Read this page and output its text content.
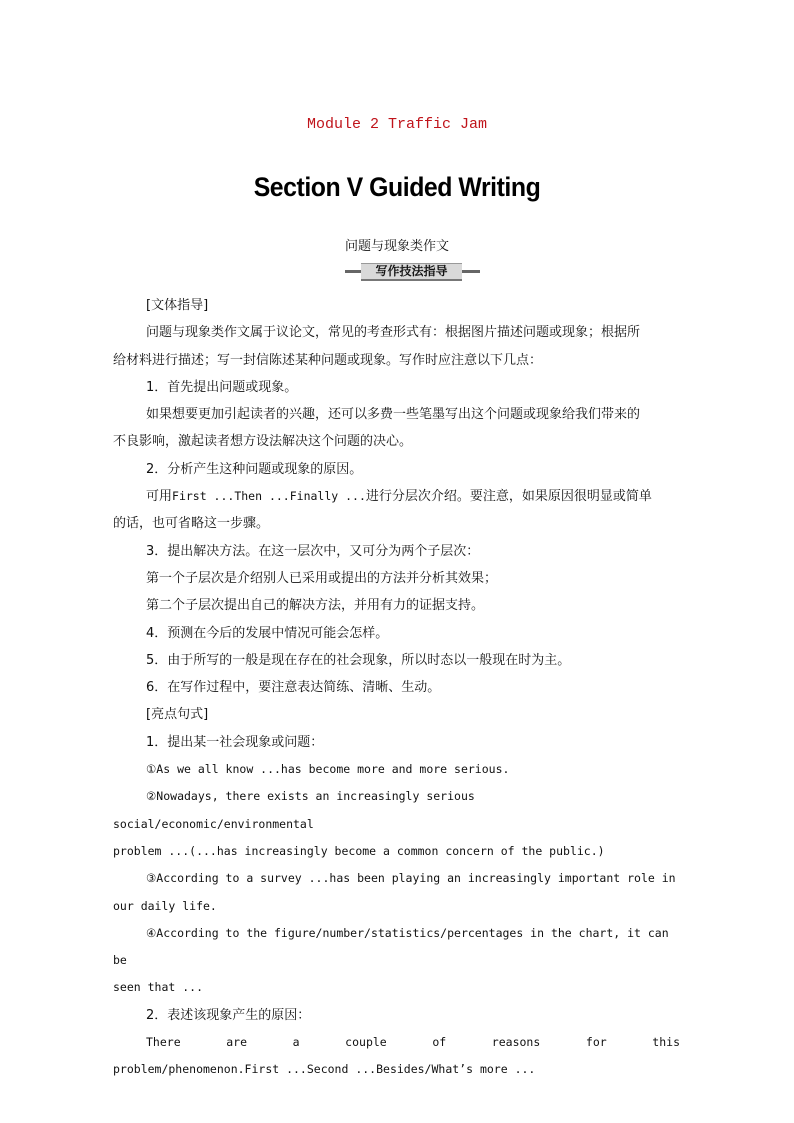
Module 2 Traffic Jam
Section V Guided Writing
问题与现象类作文
写作技法指导

[文体指导]

问题与现象类作文属于议论文，常见的考查形式有：根据图片描述问题或现象；根据所

给材料进行描述；写一封信陈述某种问题或现象。写作时应注意以下几点：

1．首先提出问题或现象。

如果想要更加引起读者的兴趣，还可以多费一些笔墨写出这个问题或现象给我们带来的

不良影响，激起读者想方设法解决这个问题的决心。

2．分析产生这种问题或现象的原因。

可用First ...Then ...Finally ...进行分层次介绍。要注意，如果原因很明显或简单

的话，也可省略这一步骤。

3．提出解决方法。在这一层次中，又可分为两个子层次：

第一个子层次是介绍别人已采用或提出的方法并分析其效果；

第二个子层次提出自己的解决方法，并用有力的证据支持。

4．预测在今后的发展中情况可能会怎样。

5．由于所写的一般是现在存在的社会现象，所以时态以一般现在时为主。

6．在写作过程中，要注意表达简练、清晰、生动。

[亮点句式]

1．提出某一社会现象或问题：

①As we all know ...has become more and more serious.

②Nowadays, there exists an increasingly serious social/economic/environmental

problem ...(...has increasingly become a common concern of the public.)

③According to a survey ...has been playing an increasingly important role in

our daily life.

④According to the figure/number/statistics/percentages in the chart, it can be

seen that ...

2．表述该现象产生的原因：

There are a couple of reasons for this

problem/phenomenon.First ...Second ...Besides/What’s more ...
